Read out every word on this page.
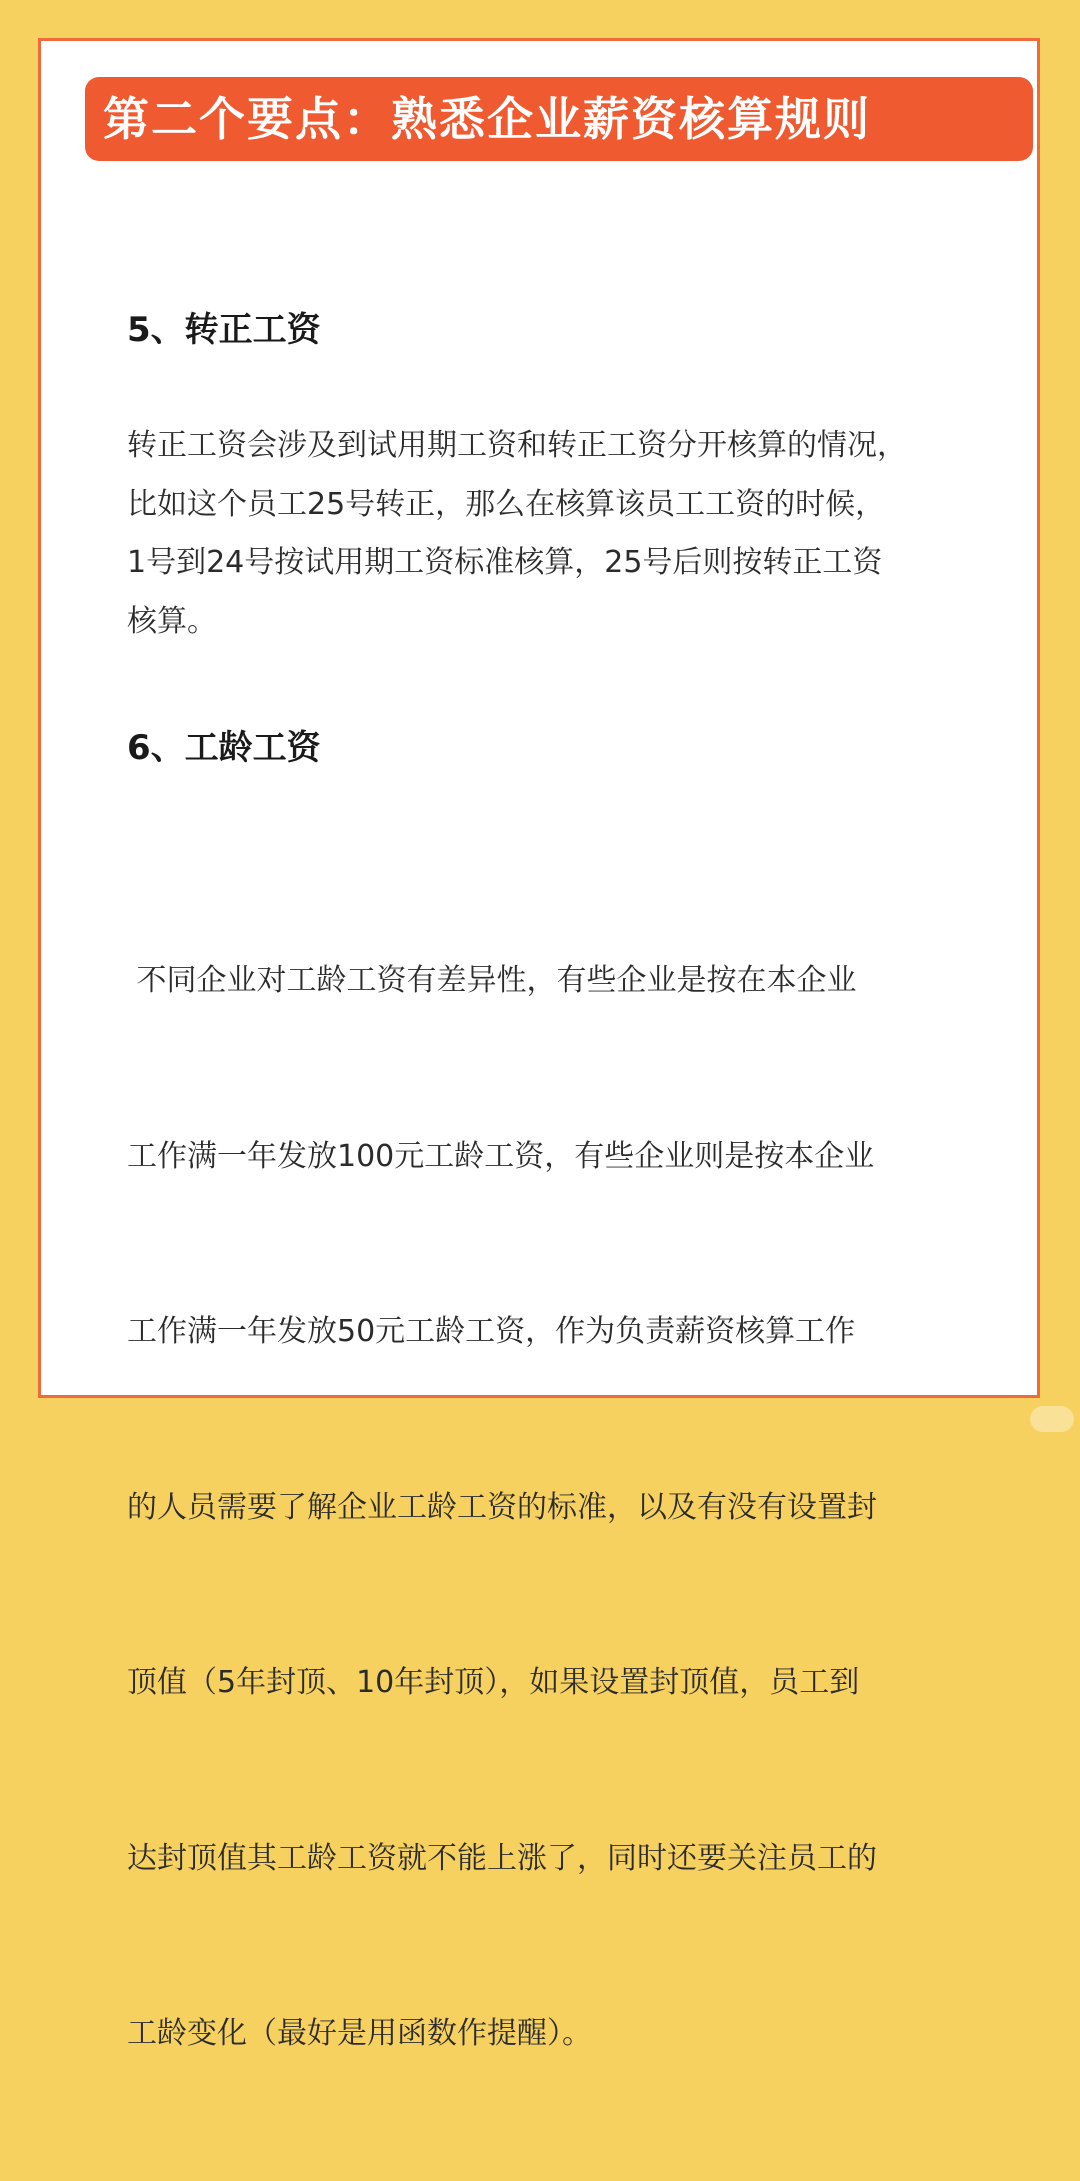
第二个要点：熟悉企业薪资核算规则
5、转正工资
转正工资会涉及到试用期工资和转正工资分开核算的情况，
比如这个员工25号转正，那么在核算该员工工资的时候，
1号到24号按试用期工资标准核算，25号后则按转正工资
核算。
6、工龄工资

不同企业对工龄工资有差异性，有些企业是按在本企业

工作满一年发放100元工龄工资，有些企业则是按本企业

工作满一年发放50元工龄工资，作为负责薪资核算工作

的人员需要了解企业工龄工资的标准，以及有没有设置封

顶值（5年封顶、10年封顶），如果设置封顶值，员工到

达封顶值其工龄工资就不能上涨了，同时还要关注员工的

工龄变化（最好是用函数作提醒）。
